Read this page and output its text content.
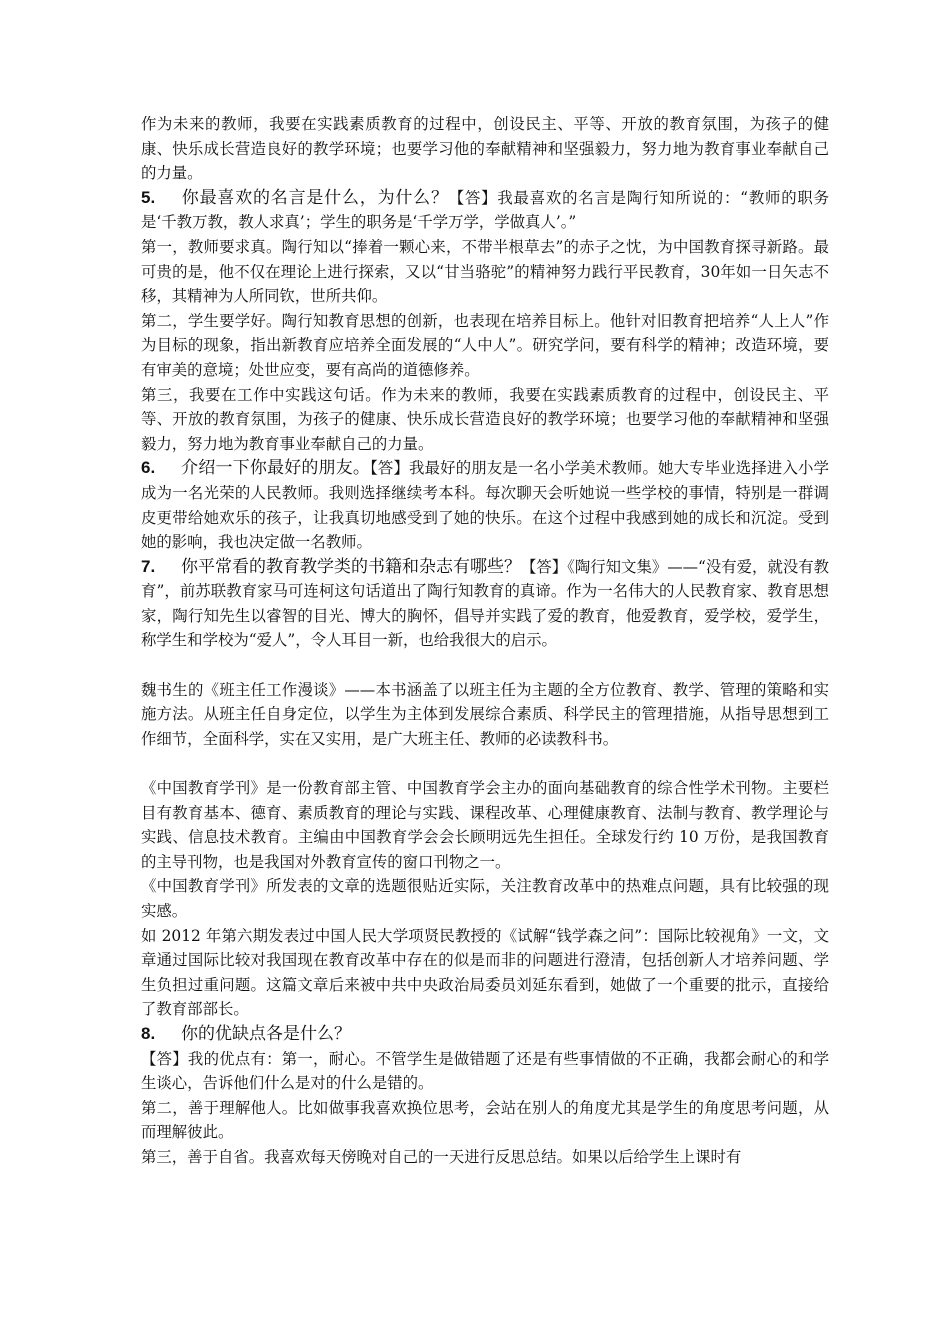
作为未来的教师，我要在实践素质教育的过程中，创设民主、平等、开放的教育氛围，为孩子的健康、快乐成长营造良好的教学环境；也要学习他的奉献精神和坚强毅力，努力地为教育事业奉献自己的力量。

5. 你最喜欢的名言是什么，为什么？【答】我最喜欢的名言是陶行知所说的：“教师的职务是‘千教万教，教人求真’；学生的职务是‘千学万学，学做真人’。”

第一，教师要求真。陶行知以“捧着一颗心来，不带半根草去”的赤子之忱，为中国教育探寻新路。最可贵的是，他不仅在理论上进行探索，又以“甘当骆驼”的精神努力践行平民教育，30年如一日矢志不移，其精神为人所同钦，世所共仰。

第二，学生要学好。陶行知教育思想的创新，也表现在培养目标上。他针对旧教育把培养“人上人”作为目标的现象，指出新教育应培养全面发展的“人中人”。研究学问，要有科学的精神；改造环境，要有审美的意境；处世应变，要有高尚的道德修养。

第三，我要在工作中实践这句话。作为未来的教师，我要在实践素质教育的过程中，创设民主、平等、开放的教育氛围，为孩子的健康、快乐成长营造良好的教学环境；也要学习他的奉献精神和坚强毅力，努力地为教育事业奉献自己的力量。

6. 介绍一下你最好的朋友。【答】我最好的朋友是一名小学美术教师。她大专毕业选择进入小学成为一名光荣的人民教师。我则选择继续考本科。每次聊天会听她说一些学校的事情，特别是一群调皮更带给她欢乐的孩子，让我真切地感受到了她的快乐。在这个过程中我感到她的成长和沉淀。受到她的影响，我也决定做一名教师。

7. 你平常看的教育教学类的书籍和杂志有哪些？【答】《陶行知文集》——“没有爱，就没有教育”，前苏联教育家马可连柯这句话道出了陶行知教育的真谛。作为一名伟大的人民教育家、教育思想家，陶行知先生以睿智的目光、博大的胸怀，倡导并实践了爱的教育，他爱教育，爱学校，爱学生，称学生和学校为“爱人”，令人耳目一新，也给我很大的启示。

魏书生的《班主任工作漫谈》——本书涵盖了以班主任为主题的全方位教育、教学、管理的策略和实施方法。从班主任自身定位，以学生为主体到发展综合素质、科学民主的管理措施，从指导思想到工作细节，全面科学，实在又实用，是广大班主任、教师的必读教科书。

《中国教育学刊》是一份教育部主管、中国教育学会主办的面向基础教育的综合性学术刊物。主要栏目有教育基本、德育、素质教育的理论与实践、课程改革、心理健康教育、法制与教育、教学理论与实践、信息技术教育。主编由中国教育学会会长顾明远先生担任。全球发行约 10 万份，是我国教育的主导刊物，也是我国对外教育宣传的窗口刊物之一。

《中国教育学刊》所发表的文章的选题很贴近实际，关注教育改革中的热难点问题，具有比较强的现实感。

如 2012 年第六期发表过中国人民大学项贤民教授的《试解“钱学森之问”：国际比较视角》一文，文章通过国际比较对我国现在教育改革中存在的似是而非的问题进行澄清，包括创新人才培养问题、学生负担过重问题。这篇文章后来被中共中央政治局委员刘延东看到，她做了一个重要的批示，直接给了教育部部长。

8. 你的优缺点各是什么？

【答】我的优点有：第一，耐心。不管学生是做错题了还是有些事情做的不正确，我都会耐心的和学生谈心，告诉他们什么是对的什么是错的。

第二，善于理解他人。比如做事我喜欢换位思考，会站在别人的角度尤其是学生的角度思考问题，从而理解彼此。

第三，善于自省。我喜欢每天傍晚对自己的一天进行反思总结。如果以后给学生上课时有
